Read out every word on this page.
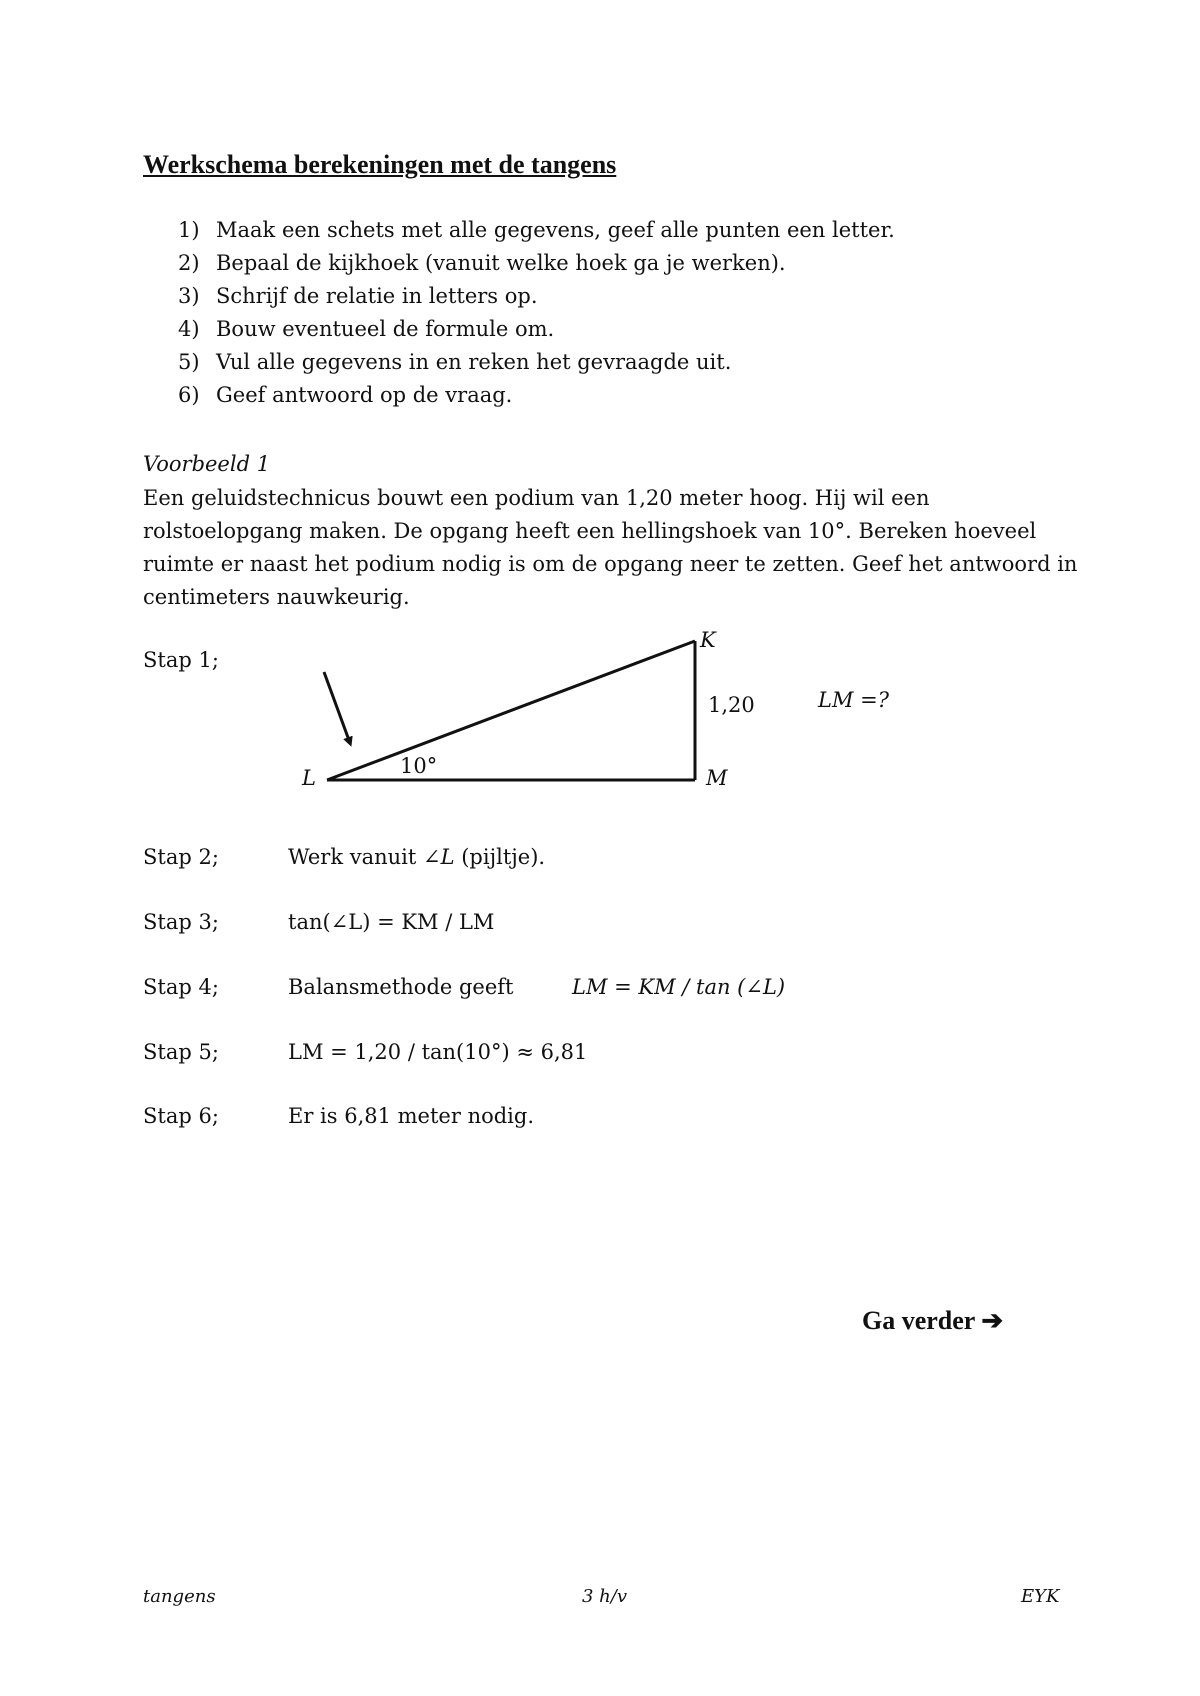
Werkschema berekeningen met de tangens
1) Maak een schets met alle gegevens, geef alle punten een letter.
2) Bepaal de kijkhoek (vanuit welke hoek ga je werken).
3) Schrijf de relatie in letters op.
4) Bouw eventueel de formule om.
5) Vul alle gegevens in en reken het gevraagde uit.
6) Geef antwoord op de vraag.
Voorbeeld 1
Een geluidstechnicus bouwt een podium van 1,20 meter hoog. Hij wil een rolstoelopgang maken. De opgang heeft een hellingshoek van 10°. Bereken hoeveel ruimte er naast het podium nodig is om de opgang neer te zetten. Geef het antwoord in centimeters nauwkeurig.
Stap 1;
K
L	M
1,20
10°
LM =?
Stap 2;	Werk vanuit ∠L (pijltje).
Stap 3;	tan(∠L) = KM / LM
Stap 4;	Balansmethode geeft	LM = KM / tan (∠L)
Stap 5;	LM = 1,20 / tan(10°) ≈ 6,81
Stap 6;	Er is 6,81 meter nodig.
Ga verder ➔
tangens	3 h/v	EYK
